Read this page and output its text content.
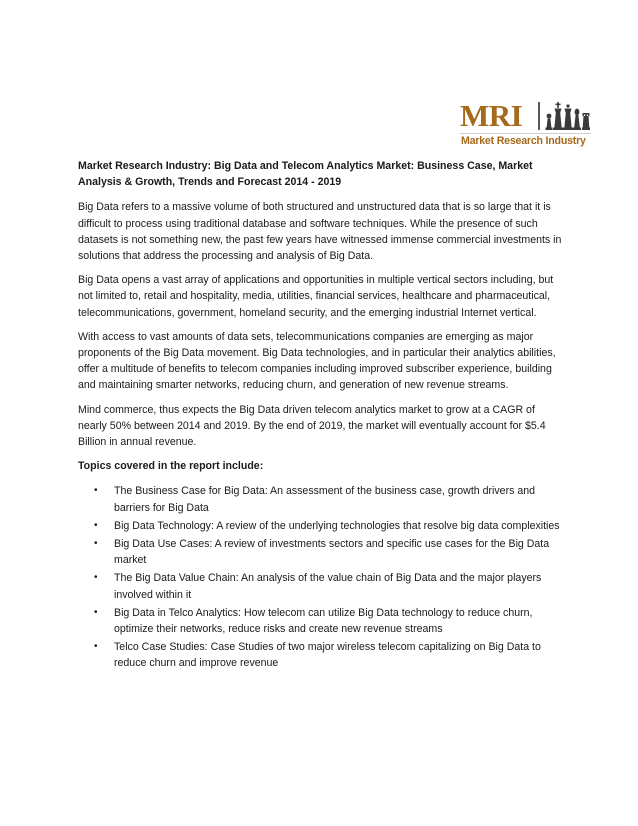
MRI
Market Research Industry

Market Research Industry: Big Data and Telecom Analytics Market: Business Case, Market Analysis & Growth, Trends and Forecast 2014 - 2019

Big Data refers to a massive volume of both structured and unstructured data that is so large that it is difficult to process using traditional database and software techniques. While the presence of such datasets is not something new, the past few years have witnessed immense commercial investments in solutions that address the processing and analysis of Big Data.

Big Data opens a vast array of applications and opportunities in multiple vertical sectors including, but not limited to, retail and hospitality, media, utilities, financial services, healthcare and pharmaceutical, telecommunications, government, homeland security, and the emerging industrial Internet vertical.

With access to vast amounts of data sets, telecommunications companies are emerging as major proponents of the Big Data movement. Big Data technologies, and in particular their analytics abilities, offer a multitude of benefits to telecom companies including improved subscriber experience, building and maintaining smarter networks, reducing churn, and generation of new revenue streams.

Mind commerce, thus expects the Big Data driven telecom analytics market to grow at a CAGR of nearly 50% between 2014 and 2019. By the end of 2019, the market will eventually account for $5.4 Billion in annual revenue.

Topics covered in the report include:

• The Business Case for Big Data: An assessment of the business case, growth drivers and barriers for Big Data
• Big Data Technology: A review of the underlying technologies that resolve big data complexities
• Big Data Use Cases: A review of investments sectors and specific use cases for the Big Data market
• The Big Data Value Chain: An analysis of the value chain of Big Data and the major players involved within it
• Big Data in Telco Analytics: How telecom can utilize Big Data technology to reduce churn, optimize their networks, reduce risks and create new revenue streams
• Telco Case Studies: Case Studies of two major wireless telecom capitalizing on Big Data to reduce churn and improve revenue
